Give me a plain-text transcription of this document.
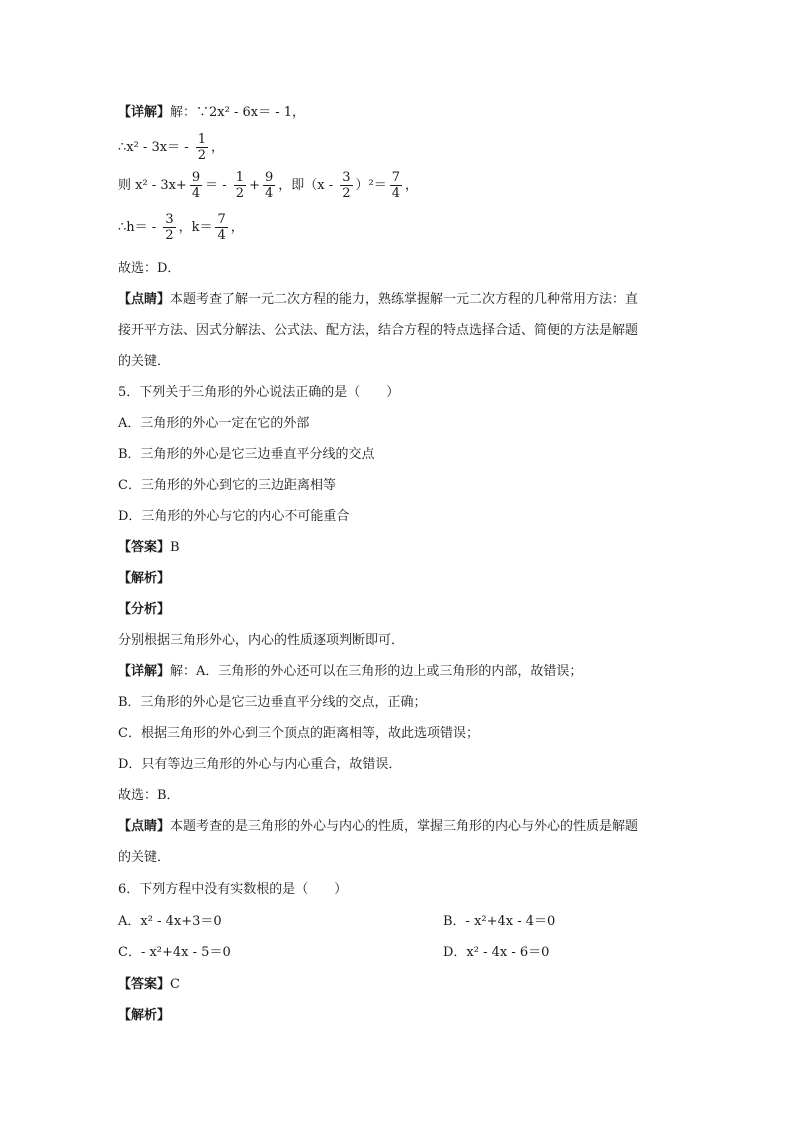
【详解】解：∵2x² - 6x＝ - 1，
∴x² - $3x= - \frac{1}{2}$ ，
则 $x^2 - 3x+ \frac{9}{4}$ ＝ - $\frac{1}{2} + \frac{9}{4}$ ，即$(x - \frac{3}{2} )^2= \frac{7}{4}$ ，
∴h＝ - $\frac{3}{2}$ ，$k= \frac{7}{4}$ ，
故选：D．
【点睛】本题考查了解一元二次方程的能力，熟练掌握解一元二次方程的几种常用方法：直
接开平方法、因式分解法、公式法、配方法，结合方程的特点选择合适、简便的方法是解题
的关键．
5．下列关于三角形的外心说法正确的是（　　）
A．三角形的外心一定在它的外部
B．三角形的外心是它三边垂直平分线的交点
C．三角形的外心到它的三边距离相等
D．三角形的外心与它的内心不可能重合
【答案】B
【解析】
【分析】
分别根据三角形外心，内心的性质逐项判断即可．
【详解】解：A．三角形的外心还可以在三角形的边上或三角形的内部，故错误；
B．三角形的外心是它三边垂直平分线的交点，正确；
C．根据三角形的外心到三个顶点的距离相等，故此选项错误；
D．只有等边三角形的外心与内心重合，故错误．
故选：B．
【点睛】本题考查的是三角形的外心与内心的性质，掌握三角形的内心与外心的性质是解题
的关键．
6．下列方程中没有实数根的是（　　）
A．x² - 4x+3＝0	B．- x²+4x - 4＝0
C．- x²+4x - 5＝0	D．x² - 4x - 6＝0
【答案】C
【解析】
